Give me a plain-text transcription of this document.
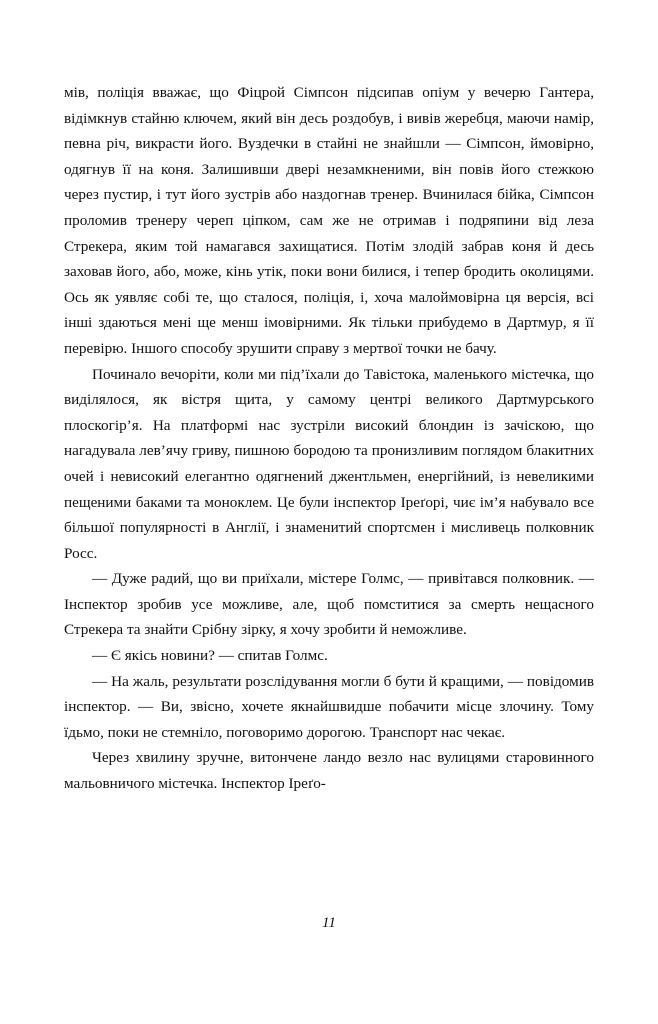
мів, поліція вважає, що Фіцрой Сімпсон підсипав опіум у вечерю Гантера, відімкнув стайню ключем, який він десь роздобув, і вивів жеребця, маючи намір, певна річ, викрасти його. Вуздечки в стайні не знайшли — Сімпсон, ймовірно, одягнув її на коня. Залишивши двері незамкненими, він повів його стежкою через пустир, і тут його зустрів або наздогнав тренер. Вчинилася бійка, Сімпсон проломив тренеру череп ціпком, сам же не отримав і подряпини від леза Стрекера, яким той намагався захищатися. Потім злодій забрав коня й десь заховав його, або, може, кінь утік, поки вони билися, і тепер бродить околицями. Ось як уявляє собі те, що сталося, поліція, і, хоча малоймовірна ця версія, всі інші здаються мені ще менш імовірними. Як тільки прибудемо в Дартмур, я її перевірю. Іншого способу зрушити справу з мертвої точки не бачу.

Починало вечоріти, коли ми під’їхали до Тавістока, маленького містечка, що виділялося, як вістря щита, у самому центрі великого Дартмурського плоскогір’я. На платформі нас зустріли високий блондин із зачіскою, що нагадувала лев’ячу гриву, пишною бородою та пронизливим поглядом блакитних очей і невисокий елегантно одягнений джентльмен, енергійний, із невеликими пещеними баками та моноклем. Це були інспектор Іреґорі, чиє ім’я набувало все більшої популярності в Англії, і знаменитий спортсмен і мисливець полковник Росс.

— Дуже радий, що ви приїхали, містере Голмс, — привітався полковник. — Інспектор зробив усе можливе, але, щоб помститися за смерть нещасного Стрекера та знайти Срібну зірку, я хочу зробити й неможливе.

— Є якісь новини? — спитав Голмс.

— На жаль, результати розслідування могли б бути й кращими, — повідомив інспектор. — Ви, звісно, хочете якнайшвидше побачити місце злочину. Тому їдьмо, поки не стемніло, поговоримо дорогою. Транспорт нас чекає.

Через хвилину зручне, витончене ландо везло нас вулицями старовинного мальовничого містечка. Інспектор Іреґо-

11
